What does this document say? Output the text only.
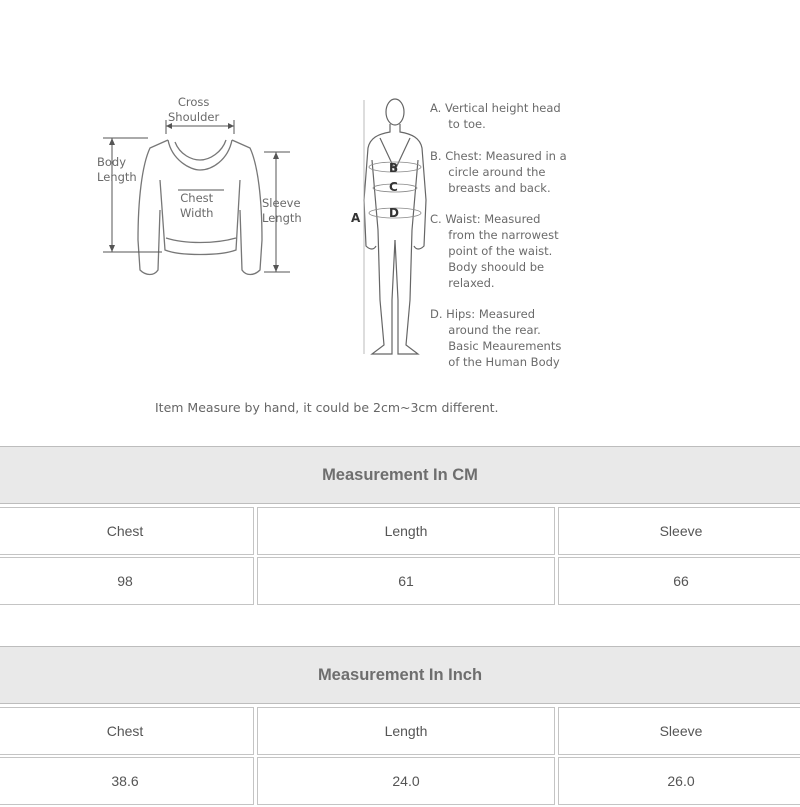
Cross
Shoulder
Body
Length
Chest
Width
Sleeve
Length	A
B
C
D
A. Vertical height head
to toe.
B. Chest: Measured in a
circle around the
breasts and back.
C. Waist: Measured
from the narrowest
point of the waist.
Body shoould be
relaxed.
D. Hips: Measured
around the rear.
Basic Meaurements
of the Human Body
Item Measure by hand, it could be 2cm~3cm different.
Measurement In CM
Chest	Length	Sleeve
98	61	66
Measurement In Inch
Chest	Length	Sleeve
38.6	24.0	26.0
